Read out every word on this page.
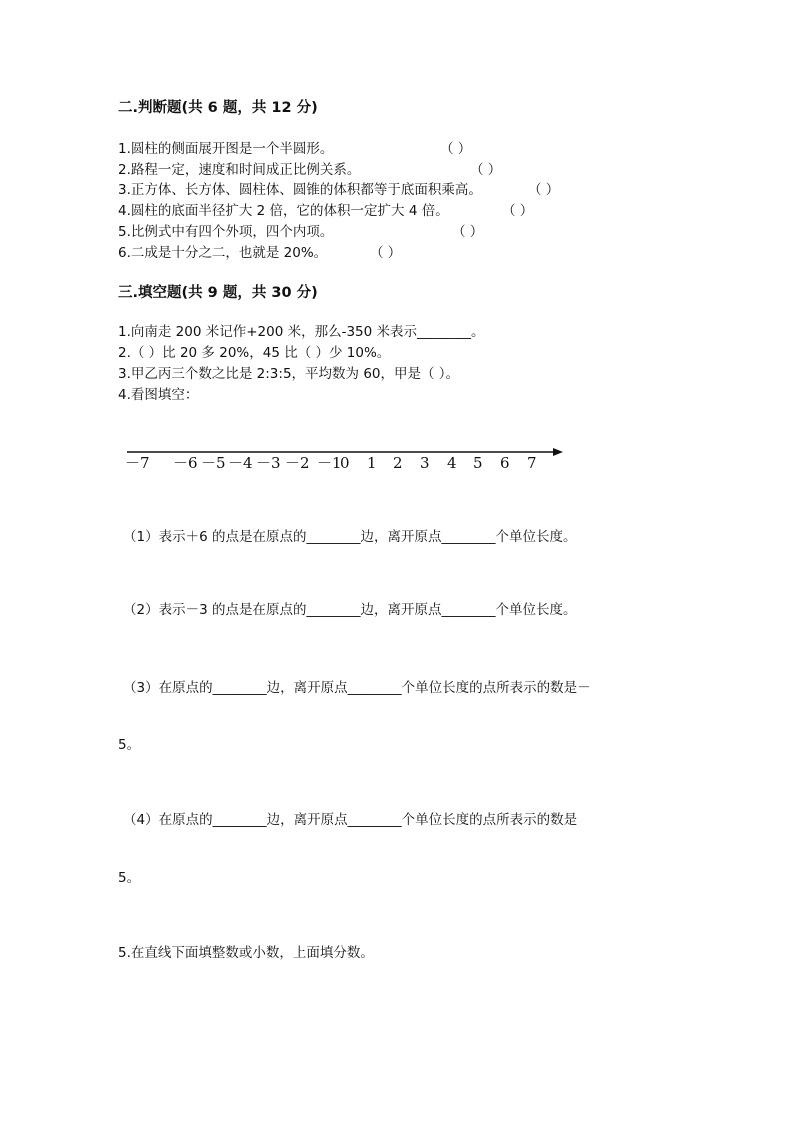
二.判断题(共 6 题，共 12 分)
1.圆柱的侧面展开图是一个半圆形。	（ ）
2.路程一定，速度和时间成正比例关系。	（ ）
3.正方体、长方体、圆柱体、圆锥的体积都等于底面积乘高。	（ ）
4.圆柱的底面半径扩大 2 倍，它的体积一定扩大 4 倍。	（ ）
5.比例式中有四个外项，四个内项。	（ ）
6.二成是十分之二，也就是 20%。	（ ）
三.填空题(共 9 题，共 30 分)
1.向南走 200 米记作+200 米，那么-350 米表示________。
2.（ ）比 20 多 20%，45 比（ ）少 10%。
3.甲乙丙三个数之比是 2:3:5，平均数为 60，甲是（ ）。
4.看图填空：
－7 －6 －5 －4 －3 －2 －1
0 1 2 3 4 5 6 7
（1）表示＋6 的点是在原点的________边，离开原点________个单位长度。
（2）表示－3 的点是在原点的________边，离开原点________个单位长度。
（3）在原点的________边，离开原点________个单位长度的点所表示的数是－
5。
（4）在原点的________边，离开原点________个单位长度的点所表示的数是
5。
5.在直线下面填整数或小数，上面填分数。
